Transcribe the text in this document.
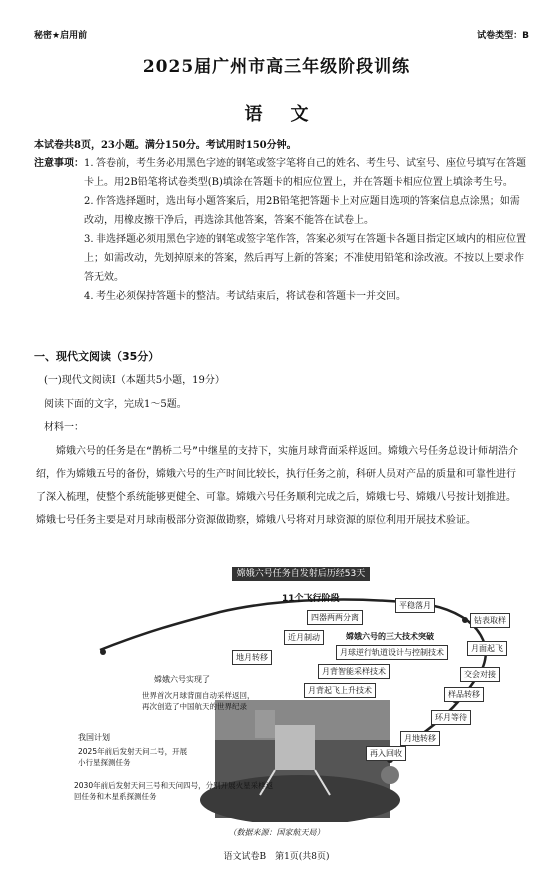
秘密★启用前	试卷类型：B
2025届广州市高三年级阶段训练
语文
本试卷共8页，23小题。满分150分。考试用时150分钟。
注意事项： 1. 答卷前，考生务必用黑色字迹的钢笔或签字笔将自己的姓名、考生号、试室号、座位号填写在答题卡上。用2B铅笔将试卷类型(B)填涂在答题卡的相应位置上，并在答题卡相应位置上填涂考生号。
2. 作答选择题时，选出每小题答案后，用2B铅笔把答题卡上对应题目选项的答案信息点涂黑；如需改动，用橡皮擦干净后，再选涂其他答案，答案不能答在试卷上。
3. 非选择题必须用黑色字迹的钢笔或签字笔作答，答案必须写在答题卡各题目指定区域内的相应位置上；如需改动，先划掉原来的答案，然后再写上新的答案；不准使用铅笔和涂改液。不按以上要求作答无效。
4. 考生必须保持答题卡的整洁。考试结束后，将试卷和答题卡一并交回。
一、现代文阅读（35分）
(一)现代文阅读Ⅰ（本题共5小题，19分）
阅读下面的文字，完成1～5题。
材料一：
嫦娥六号的任务是在“鹊桥二号”中继星的支持下，实施月球背面采样返回。嫦娥六号任务总设计师胡浩介绍，作为嫦娥五号的备份，嫦娥六号的生产时间比较长，执行任务之前，科研人员对产品的质量和可靠性进行了深入梳理，使整个系统能够更健全、可靠。嫦娥六号任务顺利完成之后，嫦娥七号、嫦娥八号按计划推进。嫦娥七号任务主要是对月球南极部分资源做勘察，嫦娥八号将对月球资源的原位利用开展技术验证。
嫦娥六号任务自发射后历经53天
11个飞行阶段
四器两两分离
平稳落月
钻表取样
月面起飞
交会对接
样品转移
环月等待
月地转移
再入回收
近月制动
地月转移
嫦娥六号的三大技术突破
月球逆行轨道设计与控制技术
月背智能采样技术
月背起飞上升技术
嫦娥六号实现了
世界首次月球背面自动采样返回，再次创造了中国航天的世界纪录
我国计划
2025年前后发射天问二号，开展小行星探测任务
2030年前后发射天问三号和天问四号，分别开展火星采样返回任务和木星系探测任务
（数据来源：国家航天局）
语文试卷B　第1页(共8页)
